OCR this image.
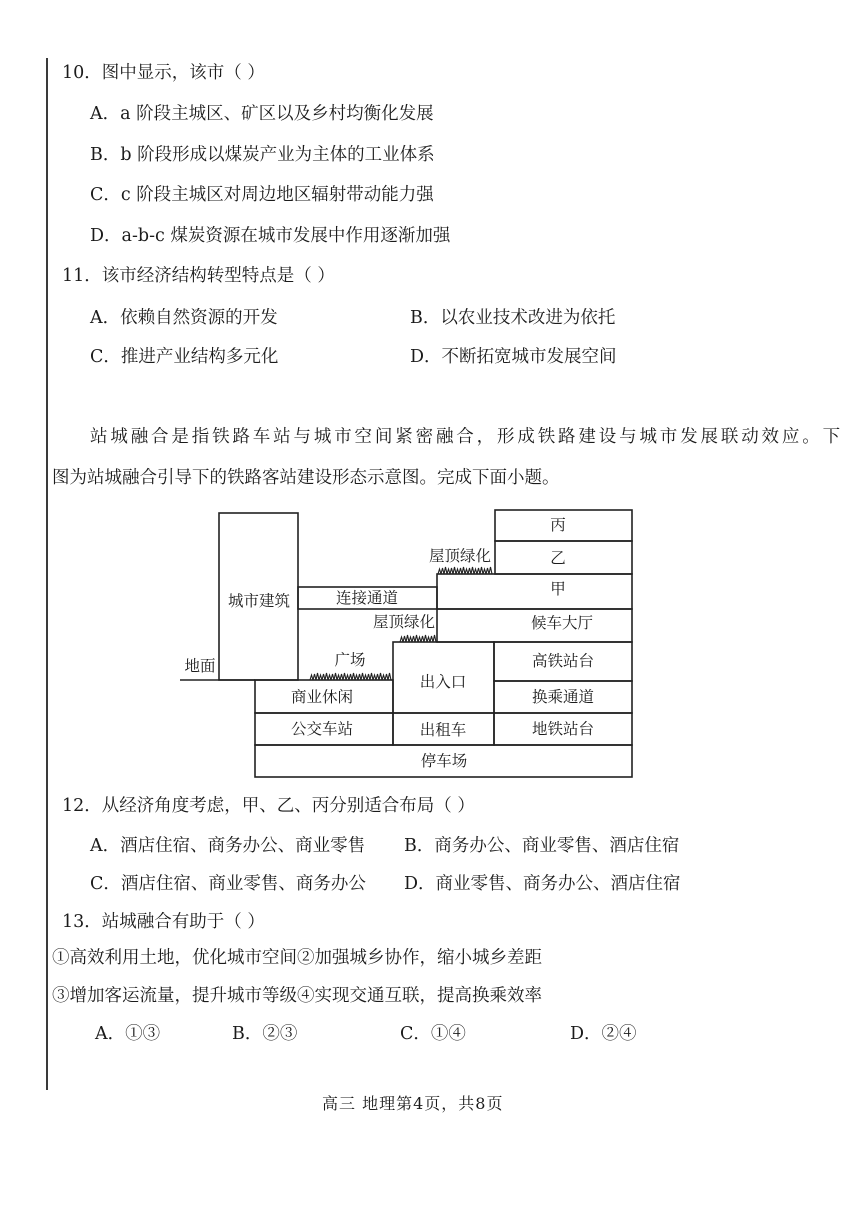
10．图中显示，该市（ ）
A．a 阶段主城区、矿区以及乡村均衡化发展
B．b 阶段形成以煤炭产业为主体的工业体系
C．c 阶段主城区对周边地区辐射带动能力强
D．a-b-c 煤炭资源在城市发展中作用逐渐加强
11．该市经济结构转型特点是（ ）
A．依赖自然资源的开发	B．以农业技术改进为依托
C．推进产业结构多元化	D．不断拓宽城市发展空间
站城融合是指铁路车站与城市空间紧密融合，形成铁路建设与城市发展联动效应。下
图为站城融合引导下的铁路客站建设形态示意图。完成下面小题。
地面
城市建筑	连接通道
丙
乙
屋顶绿化
甲
候车大厅
屋顶绿化
广场
出入口
高铁站台
换乘通道
商业休闲
公交车站	出租车	地铁站台
停车场
12．从经济角度考虑，甲、乙、丙分别适合布局（ ）
A．酒店住宿、商务办公、商业零售 B．商务办公、商业零售、酒店住宿
C．酒店住宿、商业零售、商务办公 D．商业零售、商务办公、酒店住宿
13．站城融合有助于（ ）
①高效利用土地，优化城市空间②加强城乡协作，缩小城乡差距
③增加客运流量，提升城市等级④实现交通互联，提高换乘效率
A．①③	B．②③	C．①④	D．②④
高三 地理第4页，共8页
